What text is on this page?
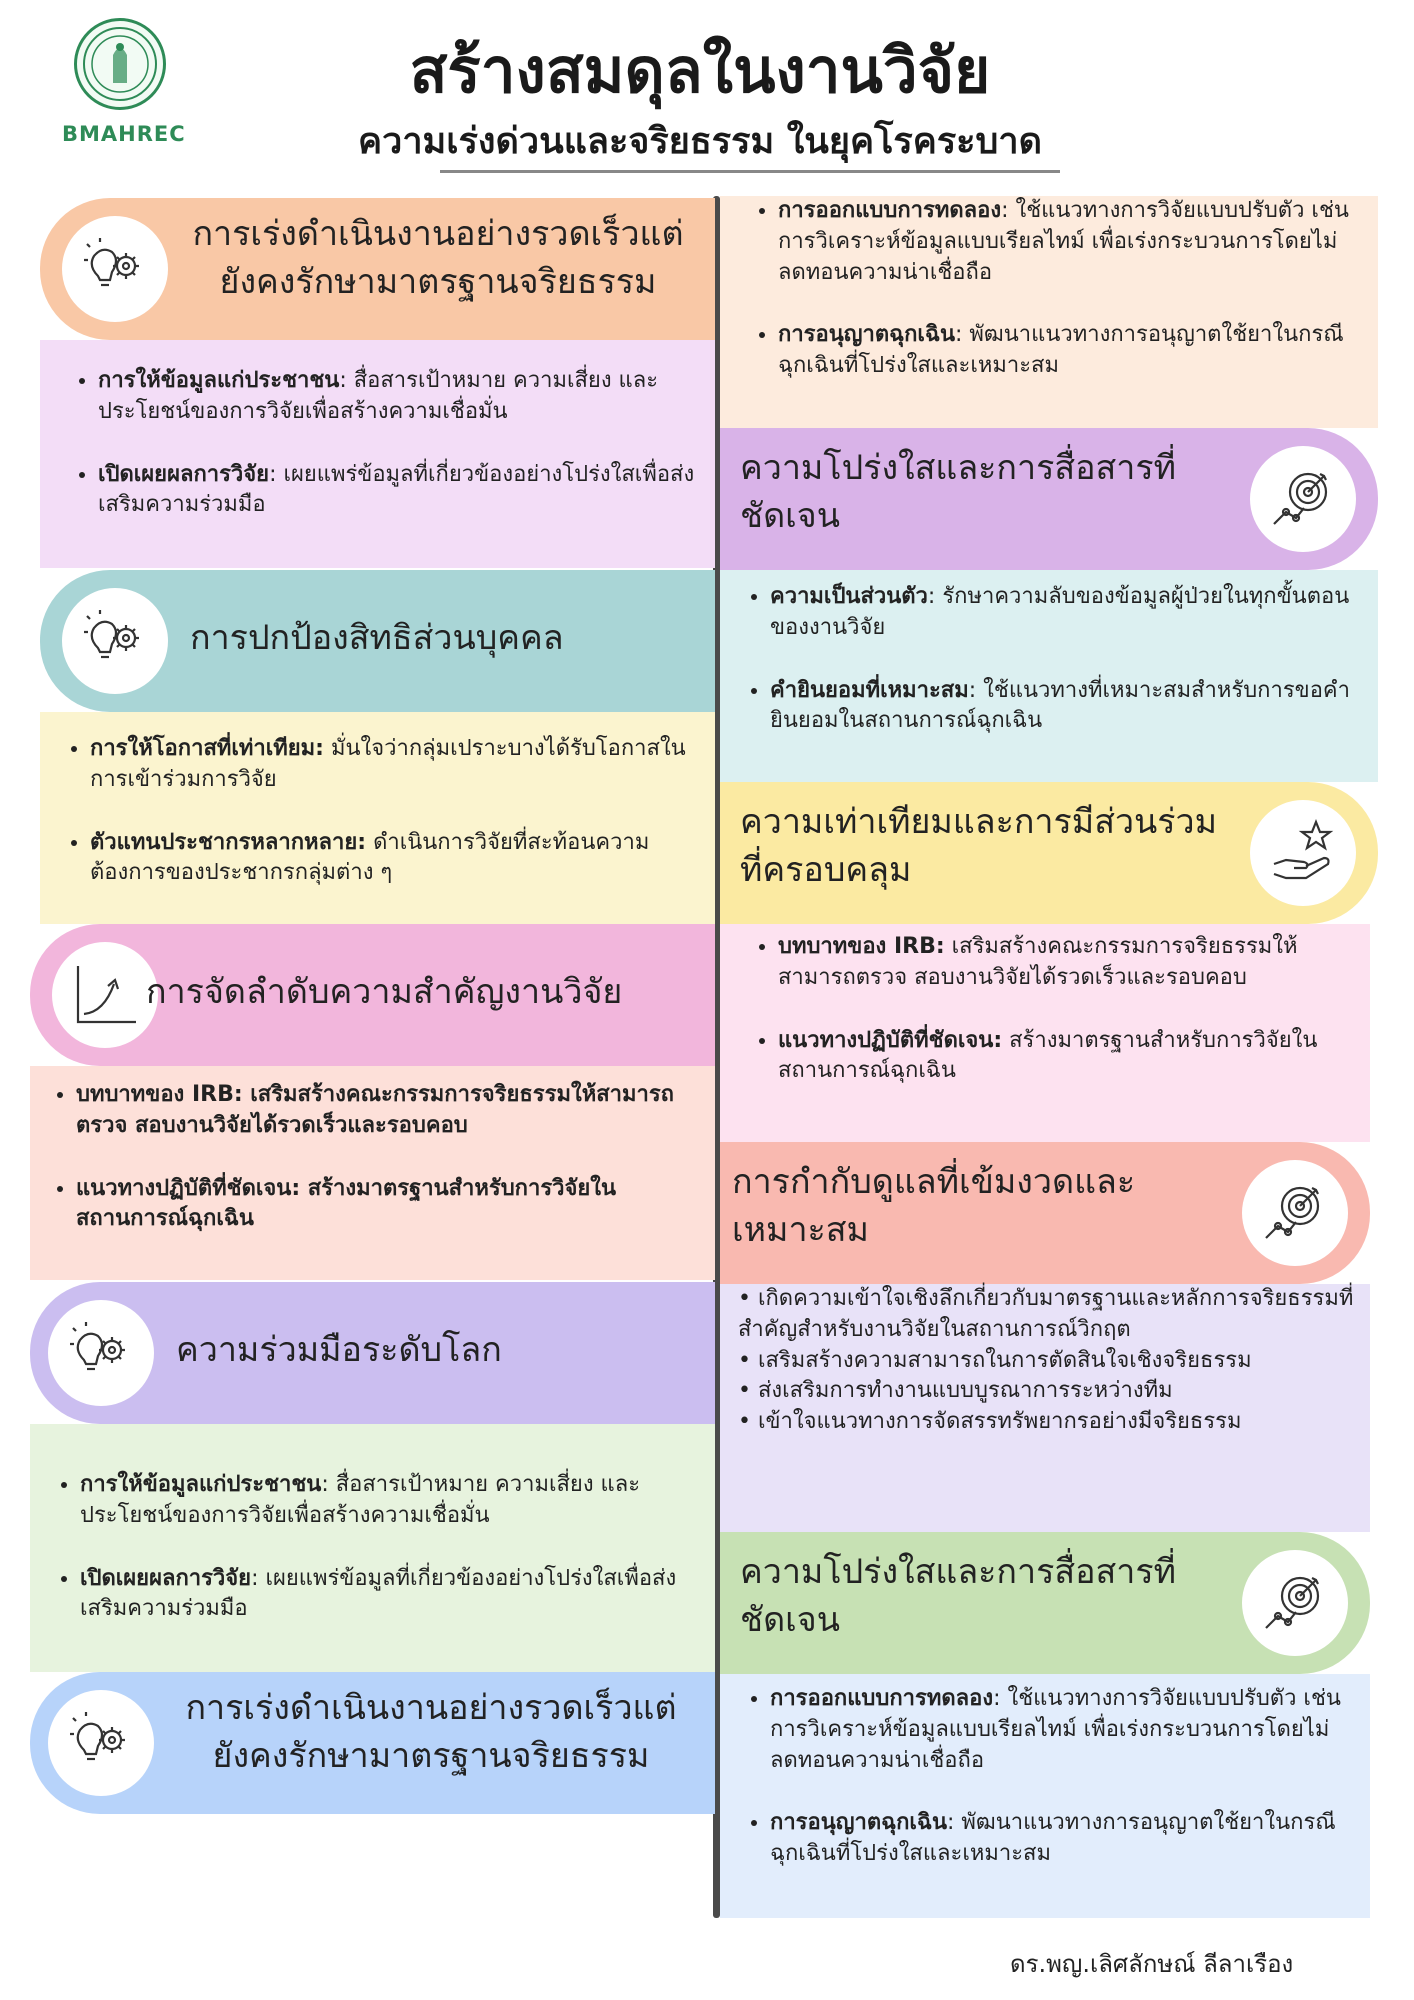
BMAHREC
สร้างสมดุลในงานวิจัย
ความเร่งด่วนและจริยธรรม ในยุคโรคระบาด
การเร่งดำเนินงานอย่างรวดเร็วแต่
ยังคงรักษามาตรฐานจริยธรรม
• การให้ข้อมูลแก่ประชาชน: สื่อสารเป้าหมาย ความเสี่ยง และประโยชน์ของการวิจัยเพื่อสร้างความเชื่อมั่น
• เปิดเผยผลการวิจัย: เผยแพร่ข้อมูลที่เกี่ยวข้องอย่างโปร่งใสเพื่อส่งเสริมความร่วมมือ
การปกป้องสิทธิส่วนบุคคล
• การให้โอกาสที่เท่าเทียม: มั่นใจว่ากลุ่มเปราะบางได้รับโอกาสในการเข้าร่วมการวิจัย
• ตัวแทนประชากรหลากหลาย: ดำเนินการวิจัยที่สะท้อนความต้องการของประชากรกลุ่มต่าง ๆ
การจัดลำดับความสำคัญงานวิจัย
• บทบาทของ IRB: เสริมสร้างคณะกรรมการจริยธรรมให้สามารถตรวจ สอบงานวิจัยได้รวดเร็วและรอบคอบ
• แนวทางปฏิบัติที่ชัดเจน: สร้างมาตรฐานสำหรับการวิจัยในสถานการณ์ฉุกเฉิน
ความร่วมมือระดับโลก
• การให้ข้อมูลแก่ประชาชน: สื่อสารเป้าหมาย ความเสี่ยง และประโยชน์ของการวิจัยเพื่อสร้างความเชื่อมั่น
• เปิดเผยผลการวิจัย: เผยแพร่ข้อมูลที่เกี่ยวข้องอย่างโปร่งใสเพื่อส่งเสริมความร่วมมือ
การเร่งดำเนินงานอย่างรวดเร็วแต่
ยังคงรักษามาตรฐานจริยธรรม
• การออกแบบการทดลอง: ใช้แนวทางการวิจัยแบบปรับตัว เช่น การวิเคราะห์ข้อมูลแบบเรียลไทม์ เพื่อเร่งกระบวนการโดยไม่ลดทอนความน่าเชื่อถือ
• การอนุญาตฉุกเฉิน: พัฒนาแนวทางการอนุญาตใช้ยาในกรณีฉุกเฉินที่โปร่งใสและเหมาะสม
ความโปร่งใสและการสื่อสารที่
ชัดเจน
• ความเป็นส่วนตัว: รักษาความลับของข้อมูลผู้ป่วยในทุกขั้นตอนของงานวิจัย
• คำยินยอมที่เหมาะสม: ใช้แนวทางที่เหมาะสมสำหรับการขอคำยินยอมในสถานการณ์ฉุกเฉิน
ความเท่าเทียมและการมีส่วนร่วม
ที่ครอบคลุม
• บทบาทของ IRB: เสริมสร้างคณะกรรมการจริยธรรมให้สามารถตรวจ สอบงานวิจัยได้รวดเร็วและรอบคอบ
• แนวทางปฏิบัติที่ชัดเจน: สร้างมาตรฐานสำหรับการวิจัยในสถานการณ์ฉุกเฉิน
การกำกับดูแลที่เข้มงวดและ
เหมาะสม
• เกิดความเข้าใจเชิงลึกเกี่ยวกับมาตรฐานและหลักการจริยธรรมที่สำคัญสำหรับงานวิจัยในสถานการณ์วิกฤต
• เสริมสร้างความสามารถในการตัดสินใจเชิงจริยธรรม
• ส่งเสริมการทำงานแบบบูรณาการระหว่างทีม
• เข้าใจแนวทางการจัดสรรทรัพยากรอย่างมีจริยธรรม
ความโปร่งใสและการสื่อสารที่
ชัดเจน
• การออกแบบการทดลอง: ใช้แนวทางการวิจัยแบบปรับตัว เช่น การวิเคราะห์ข้อมูลแบบเรียลไทม์ เพื่อเร่งกระบวนการโดยไม่ลดทอนความน่าเชื่อถือ
• การอนุญาตฉุกเฉิน: พัฒนาแนวทางการอนุญาตใช้ยาในกรณีฉุกเฉินที่โปร่งใสและเหมาะสม
ดร.พญ.เลิศลักษณ์ ลีลาเรือง
